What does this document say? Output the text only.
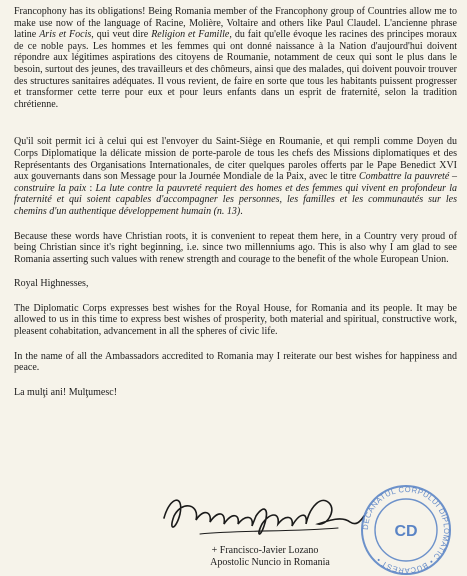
Francophony has its obligations! Being Romania member of the Francophony group of Countries allow me to make use now of the language of Racine, Molière, Voltaire and others like Paul Claudel. L'ancienne phrase latine Aris et Focis, qui veut dire Religion et Famille, du fait qu'elle évoque les racines des principes moraux de ce noble pays. Les hommes et les femmes qui ont donné naissance à la Nation d'aujourd'hui doivent répondre aux légitimes aspirations des citoyens de Roumanie, notamment de ceux qui sont le plus dans le besoin, surtout des jeunes, des travailleurs et des chômeurs, ainsi que des malades, qui doivent pouvoir trouver des structures sanitaires adéquates. Il vous revient, de faire en sorte que tous les habitants puissent progresser et transformer cette terre pour eux et pour leurs enfants dans un esprit de fraternité, selon la tradition chrétienne.

Qu'il soit permit ici à celui qui est l'envoyer du Saint-Siège en Roumanie, et qui rempli comme Doyen du Corps Diplomatique la délicate mission de porte-parole de tous les chefs des Missions diplomatiques et des Représentants des Organisations Internationales, de citer quelques paroles offerts par le Pape Benedict XVI aux gouvernants dans son Message pour la Journée Mondiale de la Paix, avec le titre Combattre la pauvreté – construire la paix : La lute contre la pauvreté requiert des homes et des femmes qui vivent en profondeur la fraternité et qui soient capables d'accompagner les personnes, les familles et les communautés sur les chemins d'un authentique développement humain (n. 13).

Because these words have Christian roots, it is convenient to repeat them here, in a Country very proud of being Christian since it's right beginning, i.e. since two millenniums ago. This is also why I am glad to see Romania asserting such values with renew strength and courage to the benefit of the whole European Union.

Royal Highnesses,

The Diplomatic Corps expresses best wishes for the Royal House, for Romania and its people. It may be allowed to us in this time to express best wishes of prosperity, both material and spiritual, constructive work, pleasent cohabitation, advancement in all the spheres of civic life.

In the name of all the Ambassadors accredited to Romania may I reiterate our best wishes for happiness and peace.

La mulţi ani! Mulţumesc!

+ Francisco-Javier Lozano
Apostolic Nuncio in Romania
DECANATUL CORPULUI DIPLOMATIC • BUCAREST •
CD
